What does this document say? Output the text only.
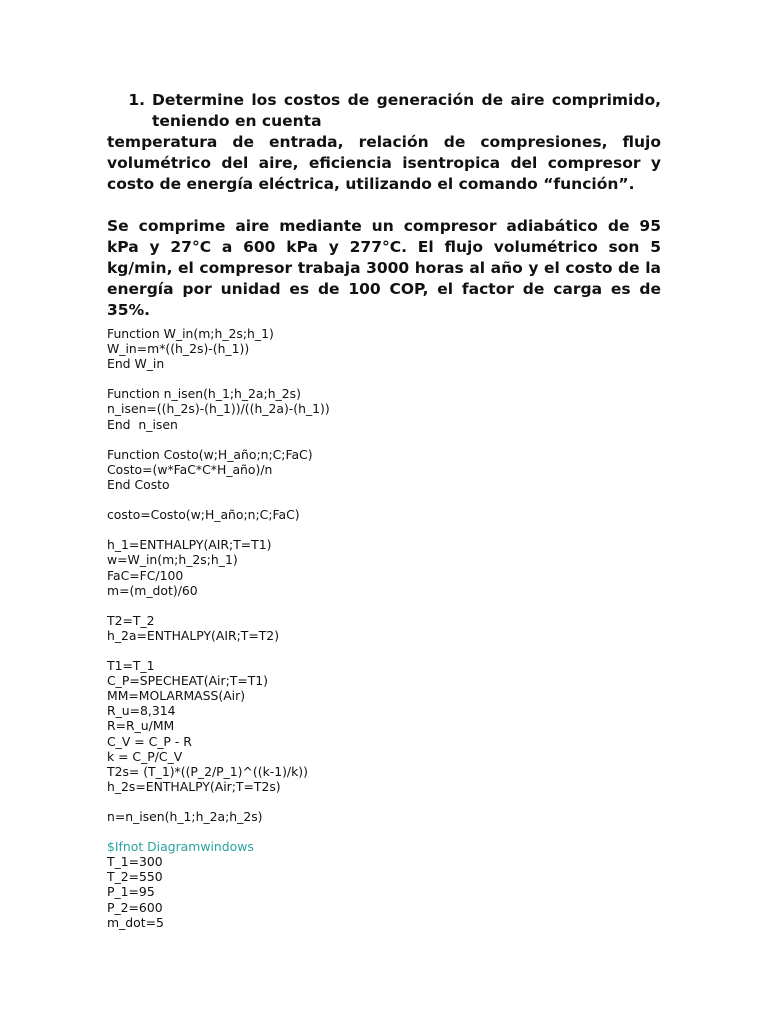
1. Determine los costos de generación de aire comprimido, teniendo en cuenta

temperatura de entrada, relación de compresiones, flujo volumétrico del aire, eficiencia isentropica del compresor y costo de energía eléctrica, utilizando el comando “función”.

Se comprime aire mediante un compresor adiabático de 95 kPa y 27°C a 600 kPa y 277°C. El flujo volumétrico son 5 kg/min, el compresor trabaja 3000 horas al año y el costo de la energía por unidad es de 100 COP, el factor de carga es de 35%.

Function W_in(m;h_2s;h_1)
W_in=m*((h_2s)-(h_1))
End W_in
Function n_isen(h_1;h_2a;h_2s)
n_isen=((h_2s)-(h_1))/((h_2a)-(h_1))
End  n_isen
Function Costo(w;H_año;n;C;FaC)
Costo=(w*FaC*C*H_año)/n
End Costo
costo=Costo(w;H_año;n;C;FaC)
h_1=ENTHALPY(AIR;T=T1)
w=W_in(m;h_2s;h_1)
FaC=FC/100
m=(m_dot)/60
T2=T_2
h_2a=ENTHALPY(AIR;T=T2)
T1=T_1
C_P=SPECHEAT(Air;T=T1)
MM=MOLARMASS(Air)
R_u=8,314
R=R_u/MM
C_V = C_P - R
k = C_P/C_V
T2s= (T_1)*((P_2/P_1)^((k-1)/k))
h_2s=ENTHALPY(Air;T=T2s)
n=n_isen(h_1;h_2a;h_2s)
$Ifnot Diagramwindows
T_1=300
T_2=550
P_1=95
P_2=600
m_dot=5
